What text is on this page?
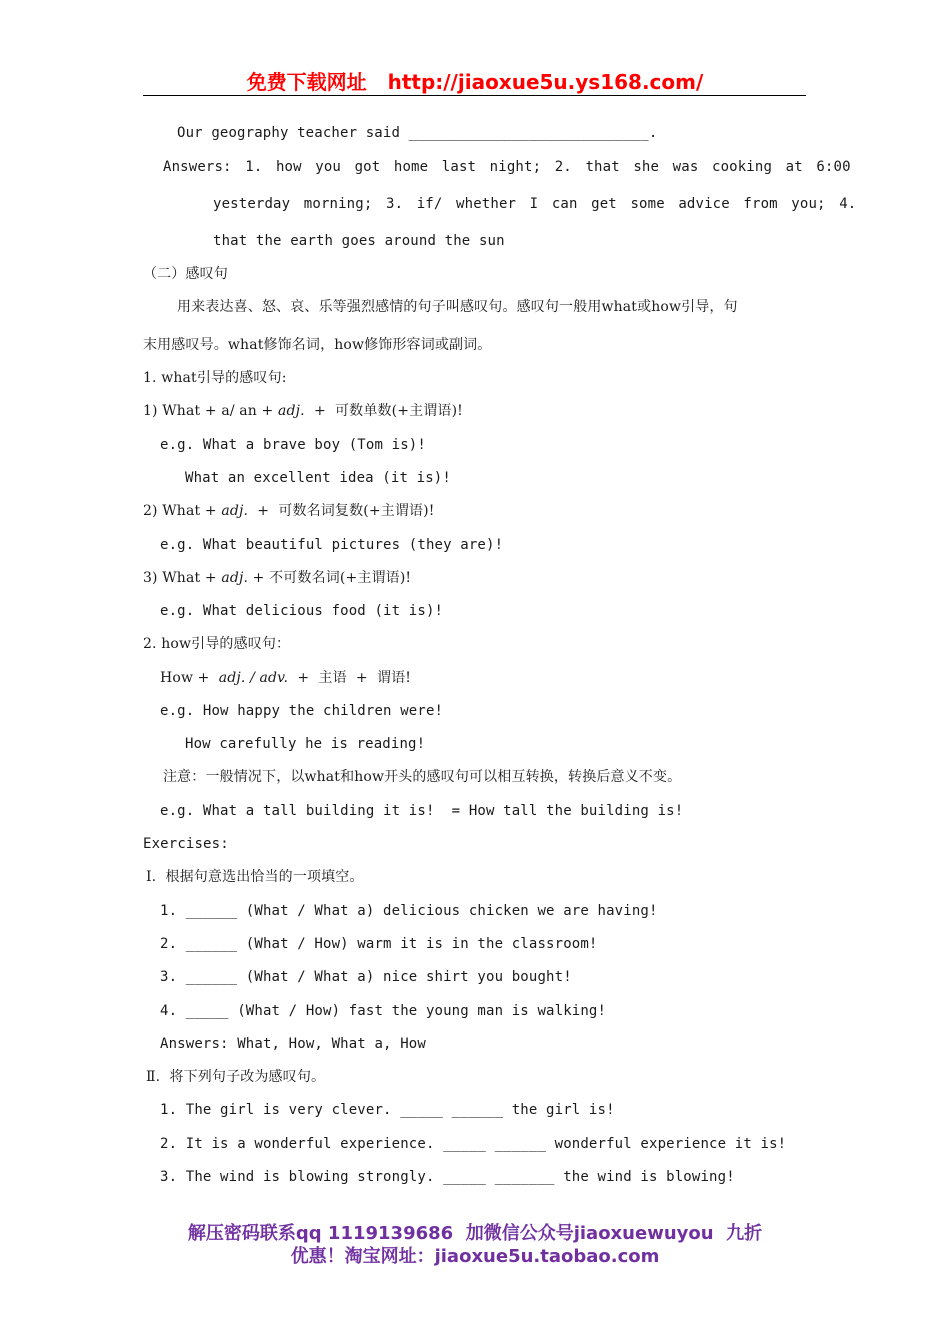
免费下载网址 http://jiaoxue5u.ys168.com/
Our geography teacher said ____________________________.
Answers: 1. how you got home last night; 2. that she was cooking at 6:00
yesterday morning; 3. if/ whether I can get some advice from you; 4.
that the earth goes around the sun
（二）感叹句
用来表达喜、怒、哀、乐等强烈感情的句子叫感叹句。感叹句一般用what或how引导，句
末用感叹号。what修饰名词，how修饰形容词或副词。
1. what引导的感叹句:
1) What + a/ an + adj.  +  可数单数(+主谓语)!
e.g. What a brave boy (Tom is)!
What an excellent idea (it is)!
2) What + adj.  +  可数名词复数(+主谓语)!
e.g. What beautiful pictures (they are)!
3) What + adj. + 不可数名词(+主谓语)!
e.g. What delicious food (it is)!
2. how引导的感叹句：
How +  adj. / adv.  +  主语  +  谓语!
e.g. How happy the children were!
How carefully he is reading!
注意：一般情况下，以what和how开头的感叹句可以相互转换，转换后意义不变。
e.g. What a tall building it is!  = How tall the building is!
Exercises:
Ⅰ.  根据句意选出恰当的一项填空。
1. ______ (What / What a) delicious chicken we are having!
2. ______ (What / How) warm it is in the classroom!
3. ______ (What / What a) nice shirt you bought!
4. _____ (What / How) fast the young man is walking!
Answers: What, How, What a, How
Ⅱ.  将下列句子改为感叹句。
1. The girl is very clever. _____ ______ the girl is!
2. It is a wonderful experience. _____ ______ wonderful experience it is!
3. The wind is blowing strongly. _____ _______ the wind is blowing!
解压密码联系qq 1119139686  加微信公众号jiaoxuewuyou  九折
优惠！淘宝网址：jiaoxue5u.taobao.com
